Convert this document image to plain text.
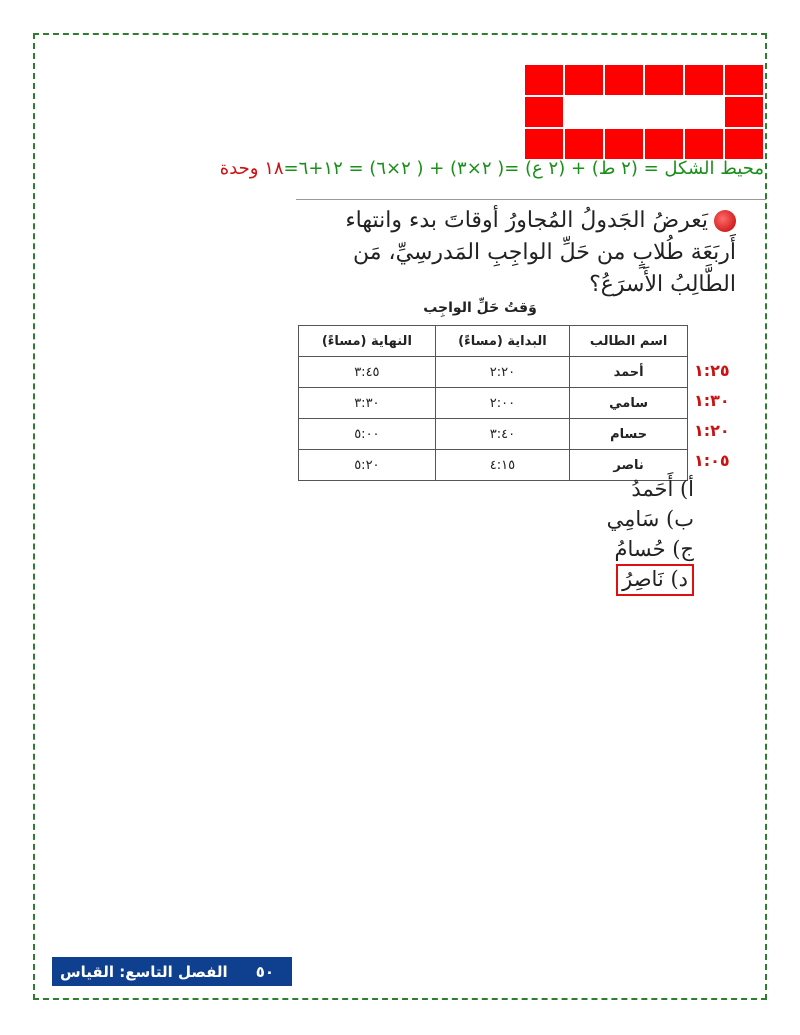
محيط الشكل = (٢ ط) + (٢ ع) =( ٢×٣) + ( ٢×٦) = ١٢+٦=١٨ وحدة
يَعرضُ الجَدولُ المُجاورُ أوقاتَ بدء وانتهاء أَربَعَة طُلابٍ من حَلِّ الواجِبِ المَدرسِيِّ، مَن الطَّالِبُ الأَسرَعُ؟
وَقتُ حَلِّ الواجِب
اسم الطالب	البداية (مساءً)	النهاية (مساءً)
أحمد	٢:٢٠	٣:٤٥
سامي	٢:٠٠	٣:٣٠
حسام	٣:٤٠	٥:٠٠
ناصر	٤:١٥	٥:٢٠
١:٢٥
١:٣٠
١:٢٠
١:٠٥
أ) أَحَمدُ
ب) سَامِي
ج) حُسامُ
د) نَاصِرُ
٥٠
الفصل التاسع: القياس
